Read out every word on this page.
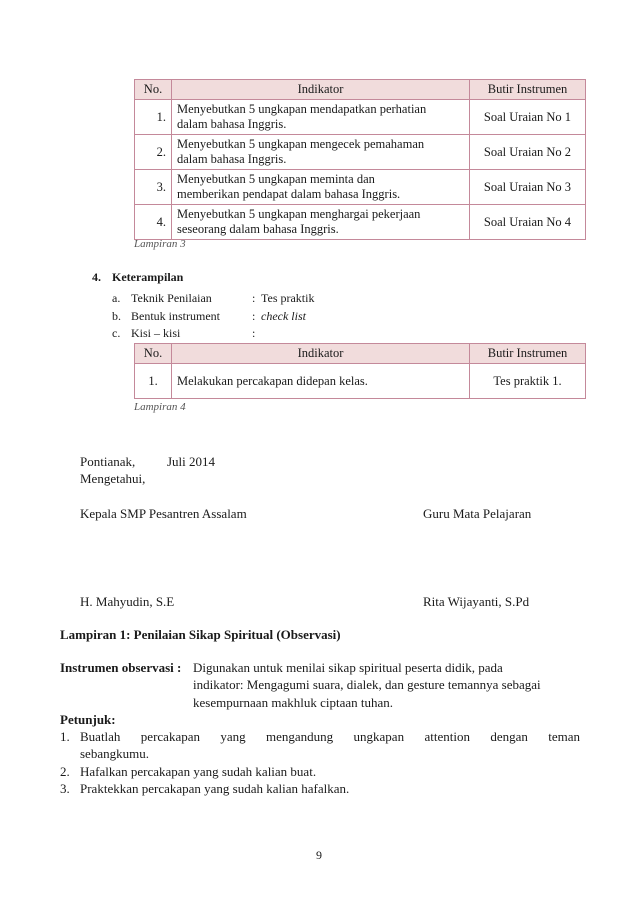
No.	Indikator	Butir Instrumen
1.	Menyebutkan 5 ungkapan mendapatkan perhatian
dalam bahasa Inggris.	Soal Uraian No 1
2.	Menyebutkan 5 ungkapan mengecek pemahaman
dalam bahasa Inggris.	Soal Uraian No 2
3.	Menyebutkan 5 ungkapan meminta dan
memberikan pendapat dalam bahasa Inggris.	Soal Uraian No 3
4.	Menyebutkan 5 ungkapan menghargai pekerjaan
seseorang dalam bahasa Inggris.	Soal Uraian No 4
Lampiran 3
4. Keterampilan
a. Teknik Penilaian	: Tes praktik
b. Bentuk instrument	: check list
c. Kisi – kisi	:
No.	Indikator	Butir Instrumen
1.	Melakukan percakapan didepan kelas.	Tes praktik 1.
Lampiran 4
Pontianak, Juli 2014
Mengetahui,
Kepala SMP Pesantren Assalam	Guru Mata Pelajaran
H. Mahyudin, S.E	Rita Wijayanti, S.Pd
Lampiran 1: Penilaian Sikap Spiritual (Observasi)
Instrumen observasi : Digunakan untuk menilai sikap spiritual peserta didik, pada
indikator: Mengagumi suara, dialek, dan gesture temannya sebagai
kesempurnaan makhluk ciptaan tuhan.
Petunjuk:
1. Buatlah percakapan yang mengandung ungkapan attention dengan teman
sebangkumu.
2. Hafalkan percakapan yang sudah kalian buat.
3. Praktekkan percakapan yang sudah kalian hafalkan.
9
